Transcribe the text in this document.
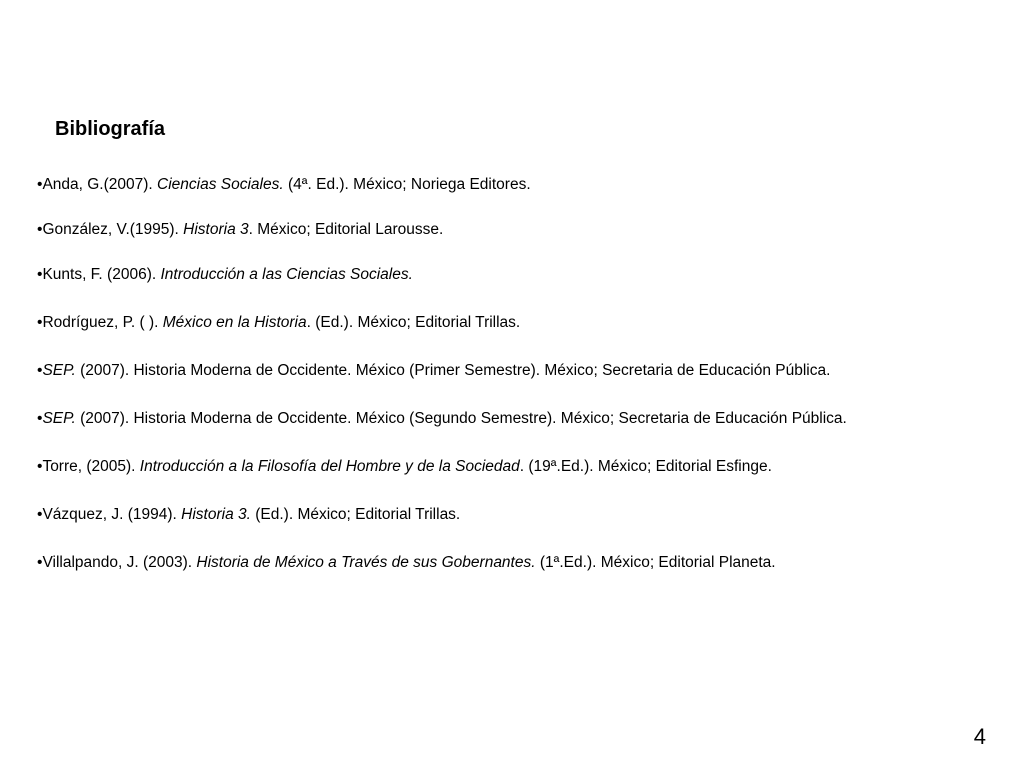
Bibliografía
•Anda, G.(2007). Ciencias Sociales. (4ª. Ed.). México; Noriega Editores.
•González, V.(1995). Historia 3. México; Editorial Larousse.
•Kunts, F. (2006). Introducción a las Ciencias Sociales.
•Rodríguez, P. ( ). México en la Historia. (Ed.). México; Editorial Trillas.
•SEP. (2007). Historia Moderna de Occidente. México (Primer Semestre). México; Secretaria de Educación Pública.
•SEP. (2007). Historia Moderna de Occidente. México (Segundo Semestre). México; Secretaria de Educación Pública.
•Torre, (2005). Introducción a la Filosofía del Hombre y de la Sociedad. (19ª.Ed.). México; Editorial Esfinge.
•Vázquez, J. (1994). Historia 3. (Ed.). México; Editorial Trillas.
•Villalpando, J. (2003). Historia de México a Través de sus Gobernantes. (1ª.Ed.). México; Editorial Planeta.
4
